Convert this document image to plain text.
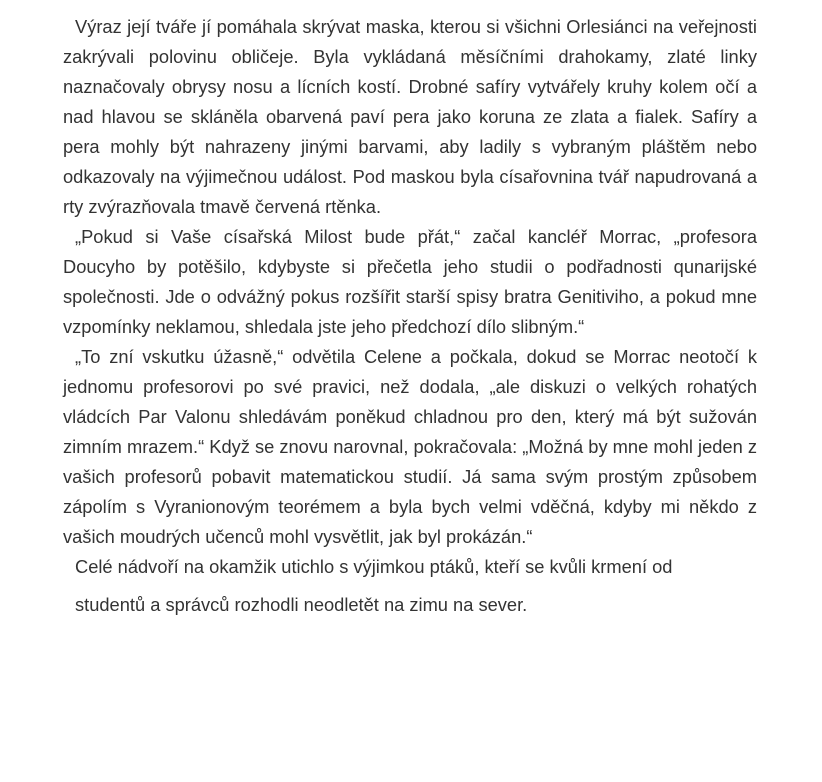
Výraz její tváře jí pomáhala skrývat maska, kterou si všichni Orlesiánci na veřejnosti zakrývali polovinu obličeje. Byla vykládaná měsíčními drahokamy, zlaté linky naznačovaly obrysy nosu a lícních kostí. Drobné safíry vytvářely kruhy kolem očí a nad hlavou se skláněla obarvená paví pera jako koruna ze zlata a fialek. Safíry a pera mohly být nahrazeny jinými barvami, aby ladily s vybraným pláštěm nebo odkazovaly na výjimečnou událost. Pod maskou byla císařovnina tvář napudrovaná a rty zvýrazňovala tmavě červená rtěnka.

„Pokud si Vaše císařská Milost bude přát,“ začal kancléř Morrac, „profesora Doucyho by potěšilo, kdybyste si přečetla jeho studii o podřadnosti qunarijské společnosti. Jde o odvážný pokus rozšířit starší spisy bratra Genitiviho, a pokud mne vzpomínky neklamou, shledala jste jeho předchozí dílo slibným.“

„To zní vskutku úžasně,“ odvětila Celene a počkala, dokud se Morrac neotočí k jednomu profesorovi po své pravici, než dodala, „ale diskuzi o velkých rohatých vládcích Par Valonu shledávám poněkud chladnou pro den, který má být sužován zimním mrazem.“ Když se znovu narovnal, pokračovala: „Možná by mne mohl jeden z vašich profesorů pobavit matematickou studií. Já sama svým prostým způsobem zápolím s Vyranionovým teorémem a byla bych velmi vděčná, kdyby mi někdo z vašich moudrých učenců mohl vysvětlit, jak byl prokázán.“

Celé nádvoří na okamžik utichlo s výjimkou ptáků, kteří se kvůli krmení od
studentů a správců rozhodli neodletět na zimu na sever.
